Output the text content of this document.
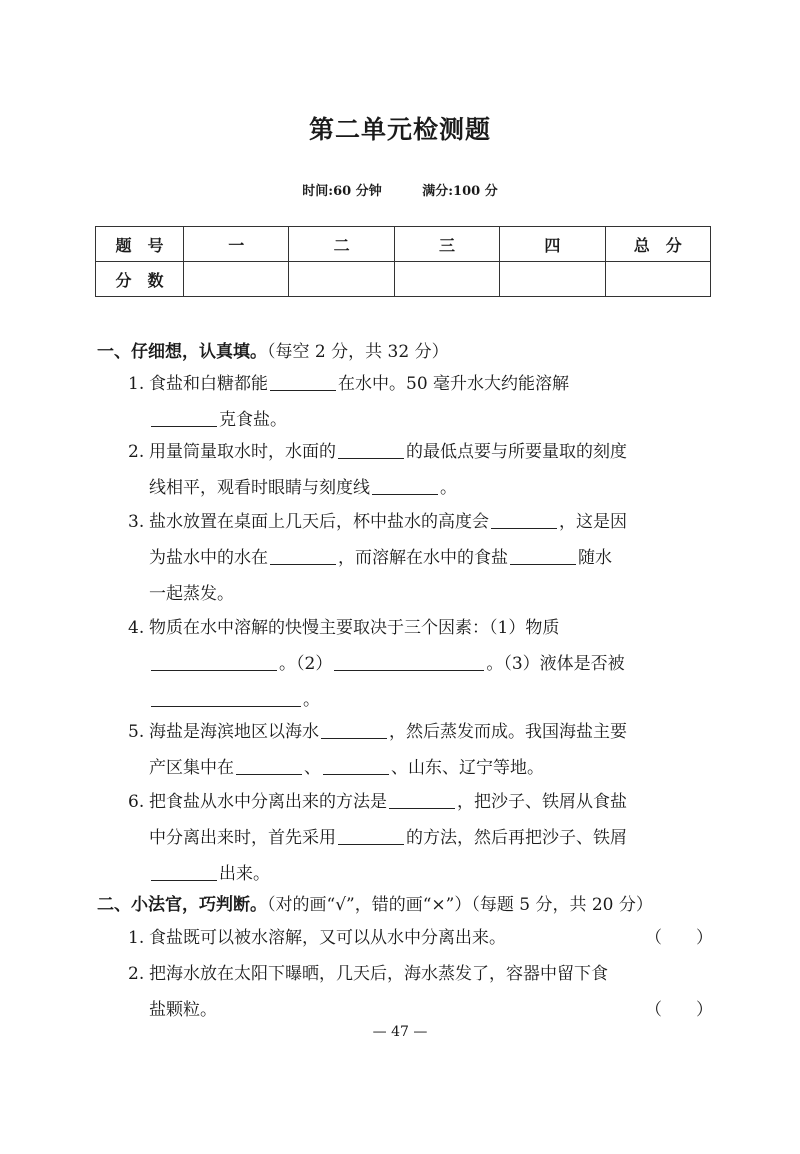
第二单元检测题
时间:60 分钟	满分:100 分
题　号	一	二	三	四	总　分
分　数					
一、仔细想，认真填。（每空 2 分，共 32 分）
1. 食盐和白糖都能	在水中。50 毫升水大约能溶解
克食盐。
2. 用量筒量取水时，水面的	的最低点要与所要量取的刻度
线相平，观看时眼睛与刻度线	。
3. 盐水放置在桌面上几天后，杯中盐水的高度会	，这是因
为盐水中的水在	，而溶解在水中的食盐	随水
一起蒸发。
4. 物质在水中溶解的快慢主要取决于三个因素：（1）物质
。（2）	。（3）液体是否被
。
5. 海盐是海滨地区以海水	，然后蒸发而成。我国海盐主要
产区集中在	、	、山东、辽宁等地。
6. 把食盐从水中分离出来的方法是	，把沙子、铁屑从食盐
中分离出来时，首先采用	的方法，然后再把沙子、铁屑
出来。
二、小法官，巧判断。（对的画“√”，错的画“×”）（每题 5 分，共 20 分）
1. 食盐既可以被水溶解，又可以从水中分离出来。	（　　）
2. 把海水放在太阳下曝晒，几天后，海水蒸发了，容器中留下食
盐颗粒。	（　　）
— 47 —
